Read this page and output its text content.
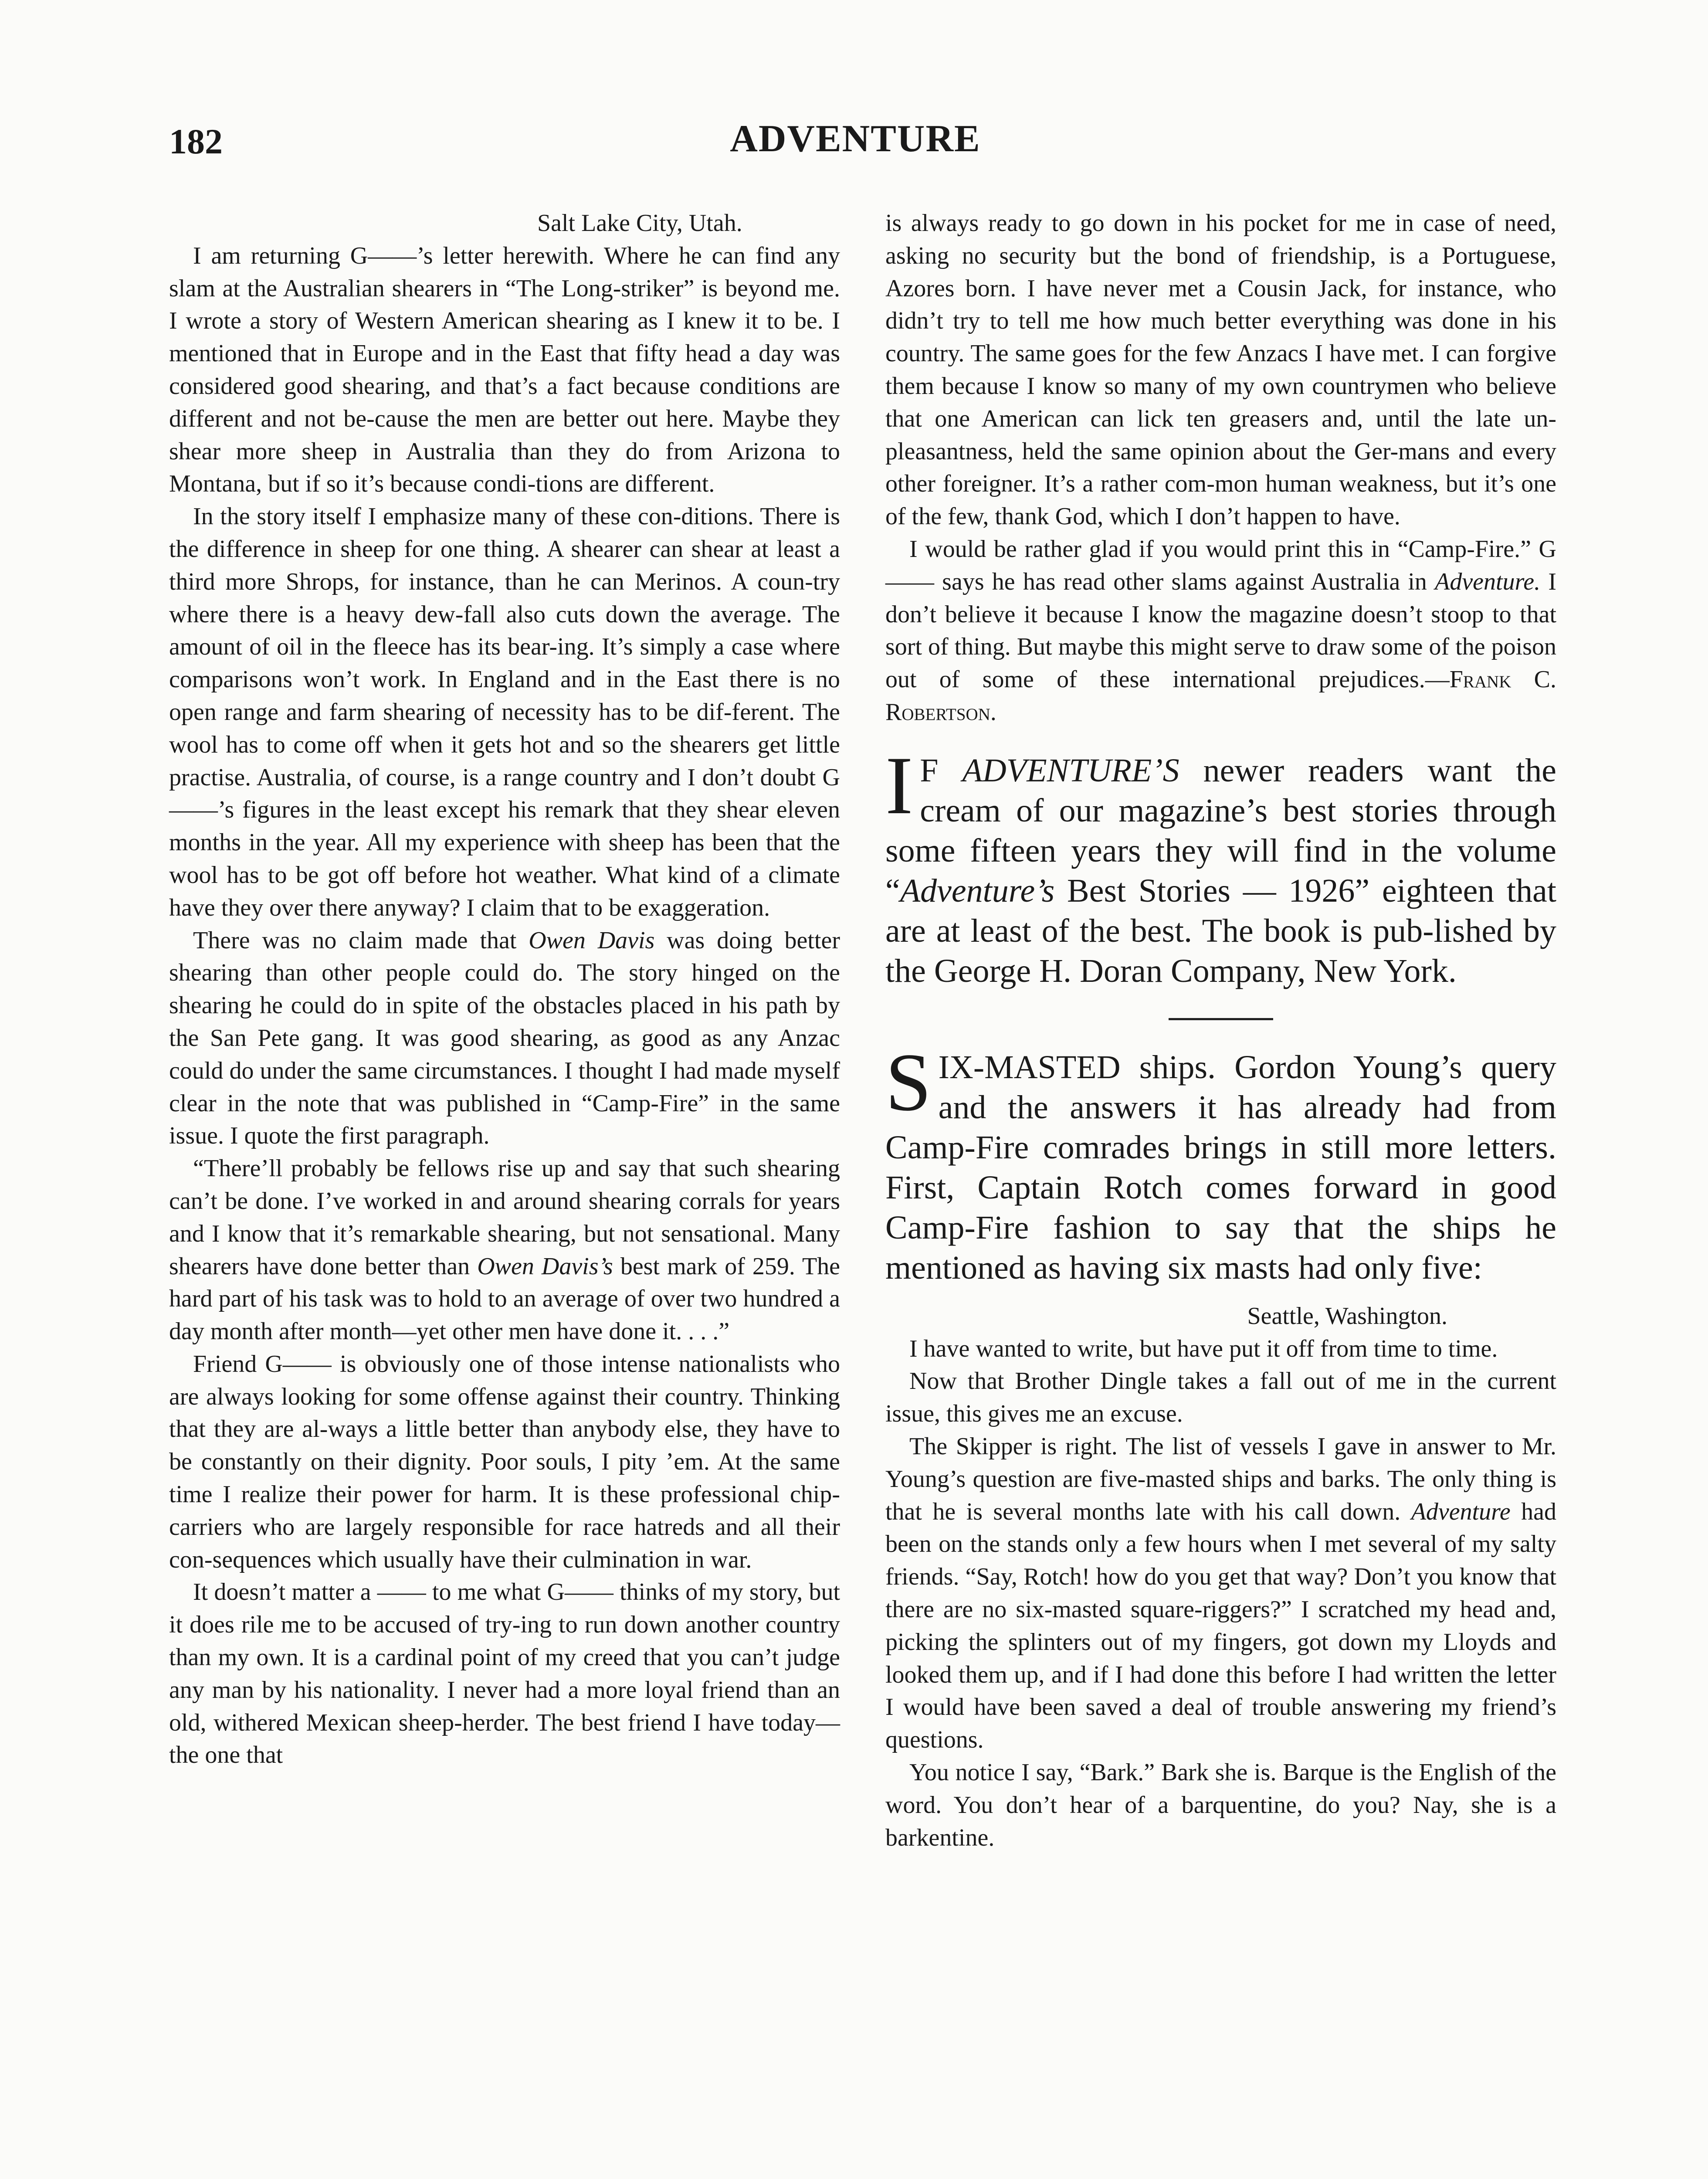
182	ADVENTURE

Salt Lake City, Utah.

I am returning G——’s letter herewith. Where he can find any slam at the Australian shearers in “The Long-striker” is beyond me. I wrote a story of Western American shearing as I knew it to be. I mentioned that in Europe and in the East that fifty head a day was considered good shearing, and that’s a fact because conditions are different and not be-cause the men are better out here. Maybe they shear more sheep in Australia than they do from Arizona to Montana, but if so it’s because condi-tions are different.

In the story itself I emphasize many of these con-ditions. There is the difference in sheep for one thing. A shearer can shear at least a third more Shrops, for instance, than he can Merinos. A coun-try where there is a heavy dew-fall also cuts down the average. The amount of oil in the fleece has its bear-ing. It’s simply a case where comparisons won’t work. In England and in the East there is no open range and farm shearing of necessity has to be dif-ferent. The wool has to come off when it gets hot and so the shearers get little practise. Australia, of course, is a range country and I don’t doubt G——’s figures in the least except his remark that they shear eleven months in the year. All my experience with sheep has been that the wool has to be got off before hot weather. What kind of a climate have they over there anyway? I claim that to be exaggeration.

There was no claim made that Owen Davis was doing better shearing than other people could do. The story hinged on the shearing he could do in spite of the obstacles placed in his path by the San Pete gang. It was good shearing, as good as any Anzac could do under the same circumstances. I thought I had made myself clear in the note that was published in “Camp-Fire” in the same issue. I quote the first paragraph.

“There’ll probably be fellows rise up and say that such shearing can’t be done. I’ve worked in and around shearing corrals for years and I know that it’s remarkable shearing, but not sensational. Many shearers have done better than Owen Davis’s best mark of 259. The hard part of his task was to hold to an average of over two hundred a day month after month—yet other men have done it. . . .”

Friend G—— is obviously one of those intense nationalists who are always looking for some offense against their country. Thinking that they are al-ways a little better than anybody else, they have to be constantly on their dignity. Poor souls, I pity ’em. At the same time I realize their power for harm. It is these professional chip-carriers who are largely responsible for race hatreds and all their con-sequences which usually have their culmination in war.

It doesn’t matter a —— to me what G—— thinks of my story, but it does rile me to be accused of try-ing to run down another country than my own. It is a cardinal point of my creed that you can’t judge any man by his nationality. I never had a more loyal friend than an old, withered Mexican sheep-herder. The best friend I have today—the one that

is always ready to go down in his pocket for me in case of need, asking no security but the bond of friendship, is a Portuguese, Azores born. I have never met a Cousin Jack, for instance, who didn’t try to tell me how much better everything was done in his country. The same goes for the few Anzacs I have met. I can forgive them because I know so many of my own countrymen who believe that one American can lick ten greasers and, until the late un-pleasantness, held the same opinion about the Ger-mans and every other foreigner. It’s a rather com-mon human weakness, but it’s one of the few, thank God, which I don’t happen to have.

I would be rather glad if you would print this in “Camp-Fire.” G—— says he has read other slams against Australia in Adventure. I don’t believe it because I know the magazine doesn’t stoop to that sort of thing. But maybe this might serve to draw some of the poison out of some of these international prejudices.—Frank C. Robertson.

I F ADVENTURE’S newer readers want the cream of our magazine’s best stories through some fifteen years they will find in the volume “Adventure’s Best Stories — 1926” eighteen that are at least of the best. The book is pub-lished by the George H. Doran Company, New York.

SIX-MASTED ships. Gordon Young’s query and the answers it has already had from Camp-Fire comrades brings in still more letters. First, Captain Rotch comes forward in good Camp-Fire fashion to say that the ships he mentioned as having six masts had only five:

Seattle, Washington.

I have wanted to write, but have put it off from time to time.

Now that Brother Dingle takes a fall out of me in the current issue, this gives me an excuse.

The Skipper is right. The list of vessels I gave in answer to Mr. Young’s question are five-masted ships and barks. The only thing is that he is several months late with his call down. Adventure had been on the stands only a few hours when I met several of my salty friends. “Say, Rotch! how do you get that way? Don’t you know that there are no six-masted square-riggers?” I scratched my head and, picking the splinters out of my fingers, got down my Lloyds and looked them up, and if I had done this before I had written the letter I would have been saved a deal of trouble answering my friend’s questions.

You notice I say, “Bark.” Bark she is. Barque is the English of the word. You don’t hear of a barquentine, do you? Nay, she is a barkentine.
